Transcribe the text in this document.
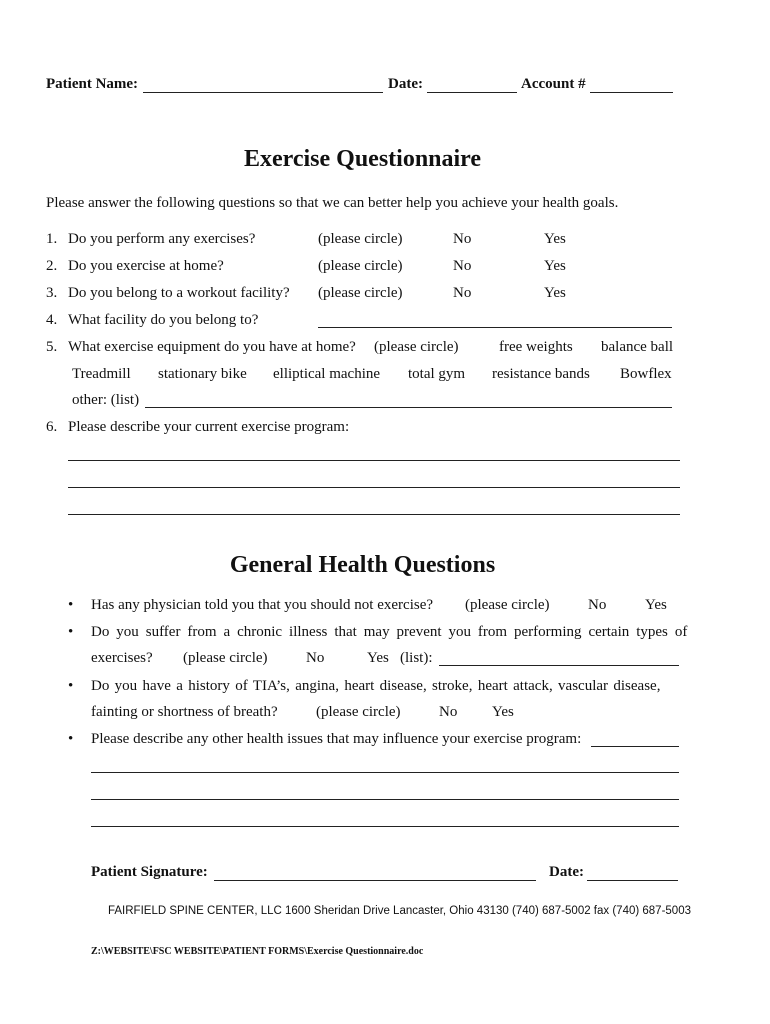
Patient Name:	Date:	Account #
Exercise Questionnaire
Please answer the following questions so that we can better help you achieve your health goals.
1. Do you perform any exercises?	(please circle)	No	Yes
2. Do you exercise at home?	(please circle)	No	Yes
3. Do you belong to a workout facility? (please circle)	No	Yes
4. What facility do you belong to?
5. What exercise equipment do you have at home? (please circle)	free weights balance ball
Treadmill stationary bike elliptical machine total gym resistance bands Bowflex
other: (list)
6. Please describe your current exercise program:
General Health Questions
• Has any physician told you that you should not exercise? (please circle)	No	Yes
• Do you suffer from a chronic illness that may prevent you from performing certain types of
exercises? (please circle)	No	Yes (list):
• Do you have a history of TIA’s, angina, heart disease, stroke, heart attack, vascular disease,
fainting or shortness of breath?	(please circle)	No Yes
• Please describe any other health issues that may influence your exercise program:
Patient Signature:	Date:
FAIRFIELD SPINE CENTER, LLC 1600 Sheridan Drive Lancaster, Ohio 43130 (740) 687-5002 fax (740) 687-5003
Z:\WEBSITE\FSC WEBSITE\PATIENT FORMS\Exercise Questionnaire.doc
